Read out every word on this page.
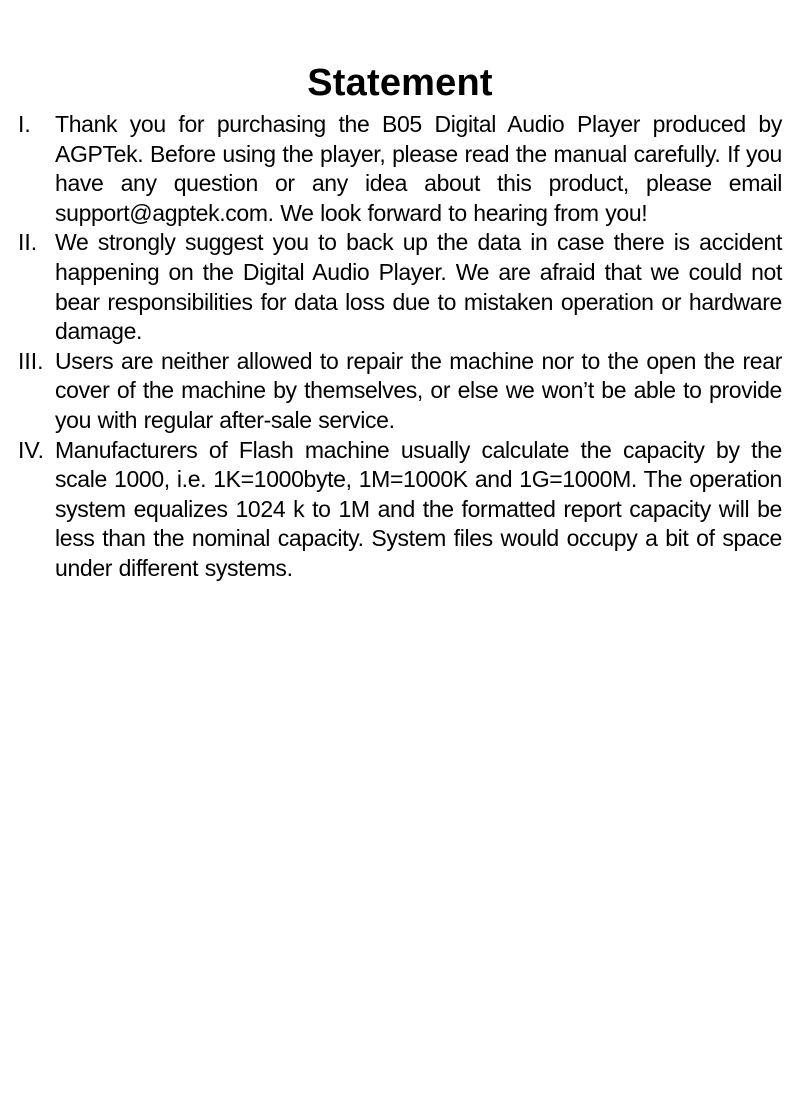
Statement
I.	Thank you for purchasing the B05 Digital Audio Player produced by AGPTek. Before using the player, please read the manual carefully. If you have any question or any idea about this product, please email support@agptek.com. We look forward to hearing from you!
II. We strongly suggest you to back up the data in case there is accident happening on the Digital Audio Player. We are afraid that we could not bear responsibilities for data loss due to mistaken operation or hardware damage.
III. Users are neither allowed to repair the machine nor to the open the rear cover of the machine by themselves, or else we won’t be able to provide you with regular after-sale service.
IV. Manufacturers of Flash machine usually calculate the capacity by the scale 1000, i.e. 1K=1000byte, 1M=1000K and 1G=1000M. The operation system equalizes 1024 k to 1M and the formatted report capacity will be less than the nominal capacity. System files would occupy a bit of space under different systems.
